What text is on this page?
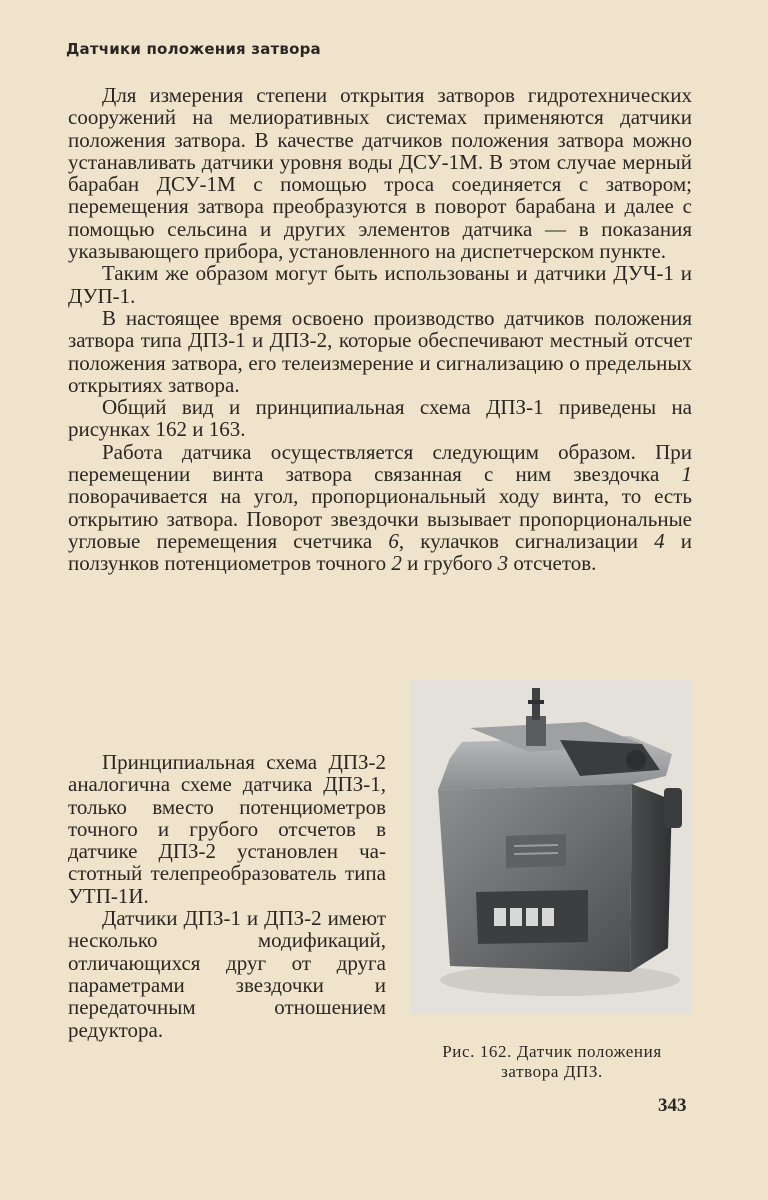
Датчики положения затвора

Для измерения степени открытия затворов гидротехнических сооружений на мелиоративных системах применяются датчики положения затвора. В качестве датчиков положения затвора можно устанавливать датчики уровня воды ДСУ-1М. В этом случае мерный барабан ДСУ-1М с помощью троса соединяется с затвором; перемещения затвора преобразуются в поворот барабана и далее с помощью сельсина и других элементов датчика — в показания указывающего прибора, установленного на диспетчерском пункте.

Таким же образом могут быть использованы и датчики ДУЧ-1 и ДУП-1.

В настоящее время освоено производство датчиков положения затвора типа ДПЗ-1 и ДПЗ-2, которые обеспечивают местный отсчет положения затвора, его телеизмерение и сигнализацию о предельных открытиях затвора.

Общий вид и принципиальная схема ДПЗ-1 приведены на рисунках 162 и 163.

Работа датчика осуществляется следующим образом. При перемещении винта затвора связанная с ним звездочка 1 поворачивается на угол, пропорциональный ходу винта, то есть открытию затвора. Поворот звездочки вызывает пропорциональные угловые перемещения счетчика 6, кулачков сигнализации 4 и ползунков потенциометров точного 2 и грубого 3 отсчетов.

Принципиальная схема ДПЗ-2 аналогична схеме датчика ДПЗ-1, только вместо потенциометров точного и грубого отсчетов в датчике ДПЗ-2 установлен частотный телепреобразователь типа УТП-1И.

Датчики ДПЗ-1 и ДПЗ-2 имеют несколько модификаций, отличающихся друг от друга параметрами звездочки и передаточным отношением редуктора.

Рис. 162. Датчик положения
затвора ДПЗ.
343
